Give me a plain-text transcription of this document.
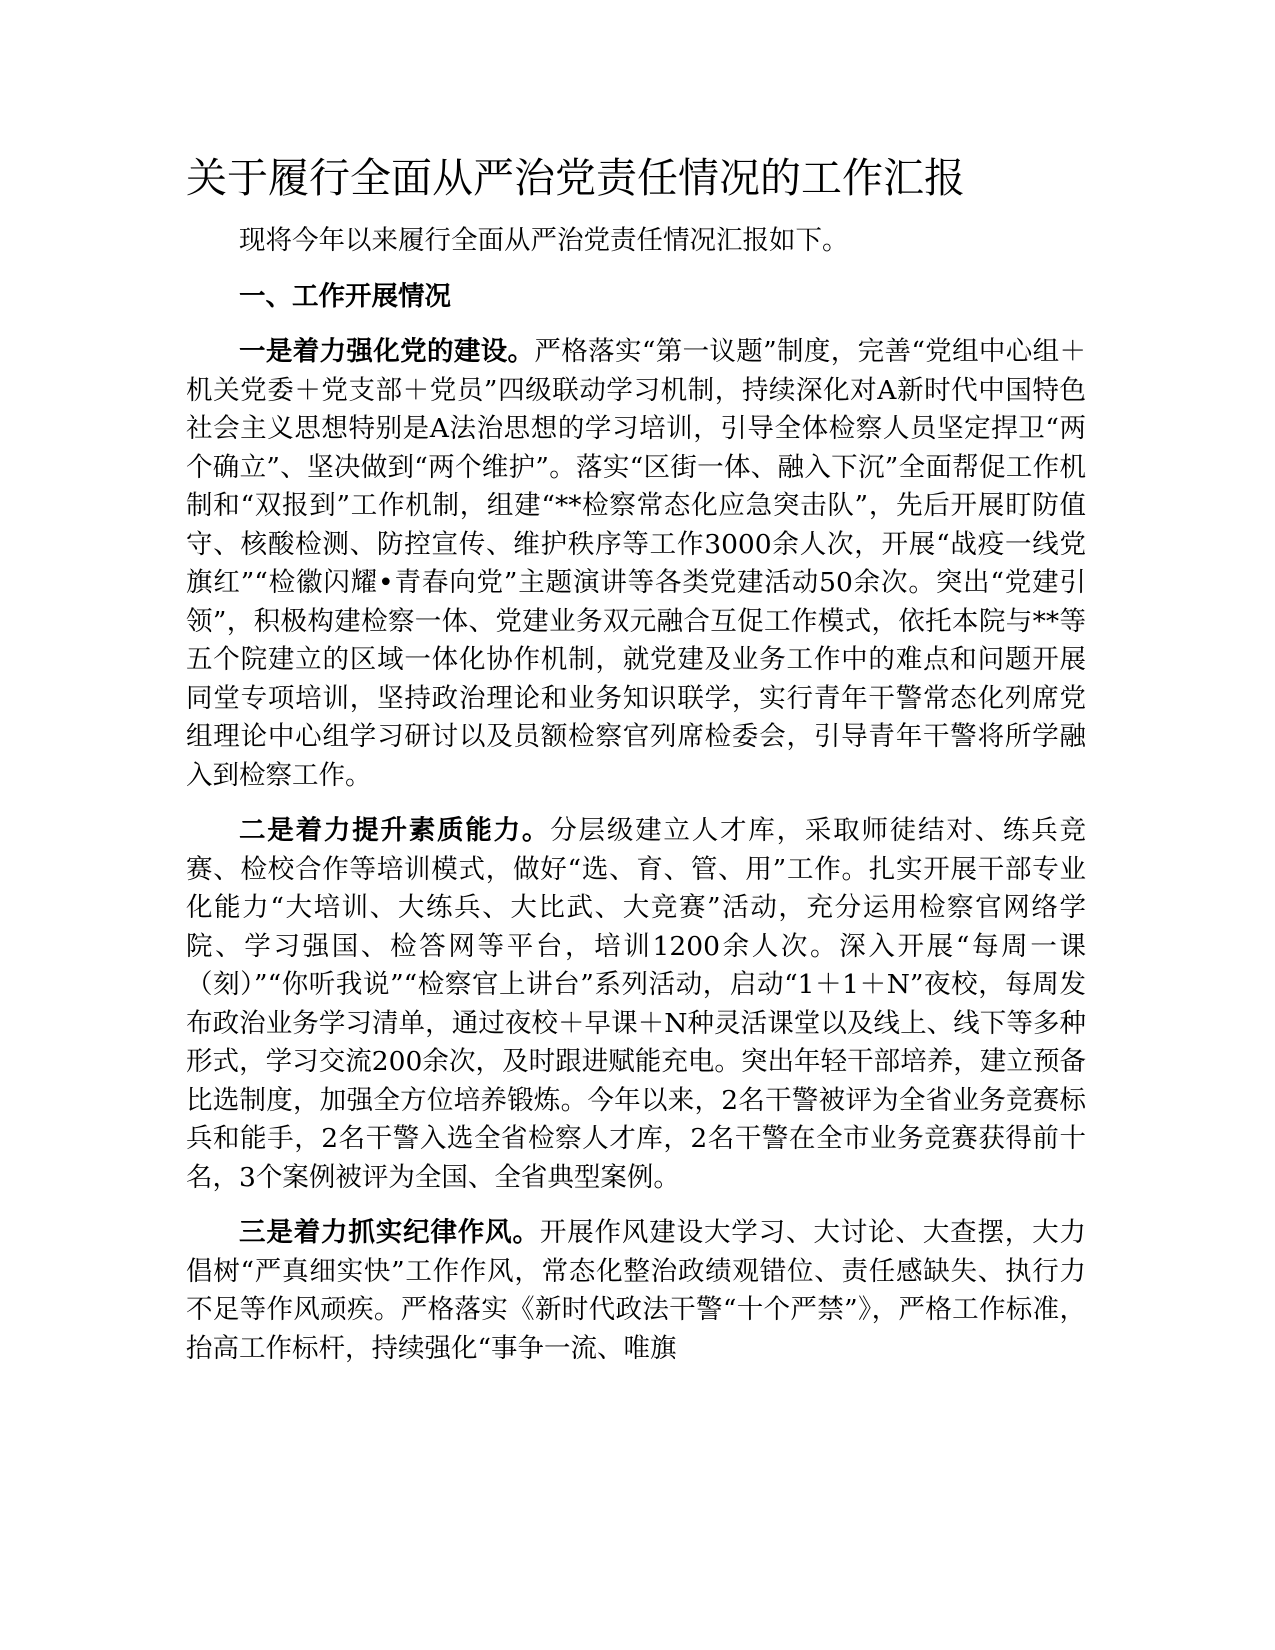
关于履行全面从严治党责任情况的工作汇报

现将今年以来履行全面从严治党责任情况汇报如下。

一、工作开展情况

一是着力强化党的建设。严格落实“第一议题”制度，完善“党组中心组＋机关党委＋党支部＋党员”四级联动学习机制，持续深化对A新时代中国特色社会主义思想特别是A法治思想的学习培训，引导全体检察人员坚定捍卫“两个确立”、坚决做到“两个维护”。落实“区街一体、融入下沉”全面帮促工作机制和“双报到”工作机制，组建“**检察常态化应急突击队”，先后开展盯防值守、核酸检测、防控宣传、维护秩序等工作3000余人次，开展“战疫一线党旗红”“检徽闪耀•青春向党”主题演讲等各类党建活动50余次。突出“党建引领”，积极构建检察一体、党建业务双元融合互促工作模式，依托本院与**等五个院建立的区域一体化协作机制，就党建及业务工作中的难点和问题开展同堂专项培训，坚持政治理论和业务知识联学，实行青年干警常态化列席党组理论中心组学习研讨以及员额检察官列席检委会，引导青年干警将所学融入到检察工作。

二是着力提升素质能力。分层级建立人才库，采取师徒结对、练兵竞赛、检校合作等培训模式，做好“选、育、管、用”工作。扎实开展干部专业化能力“大培训、大练兵、大比武、大竞赛”活动，充分运用检察官网络学院、学习强国、检答网等平台，培训1200余人次。深入开展“每周一课（刻）”“你听我说”“检察官上讲台”系列活动，启动“1＋1＋N”夜校，每周发布政治业务学习清单，通过夜校＋早课＋N种灵活课堂以及线上、线下等多种形式，学习交流200余次，及时跟进赋能充电。突出年轻干部培养，建立预备比选制度，加强全方位培养锻炼。今年以来，2名干警被评为全省业务竞赛标兵和能手，2名干警入选全省检察人才库，2名干警在全市业务竞赛获得前十名，3个案例被评为全国、全省典型案例。

三是着力抓实纪律作风。开展作风建设大学习、大讨论、大查摆，大力倡树“严真细实快”工作作风，常态化整治政绩观错位、责任感缺失、执行力不足等作风顽疾。严格落实《新时代政法干警“十个严禁”》，严格工作标准，抬高工作标杆，持续强化“事争一流、唯旗
